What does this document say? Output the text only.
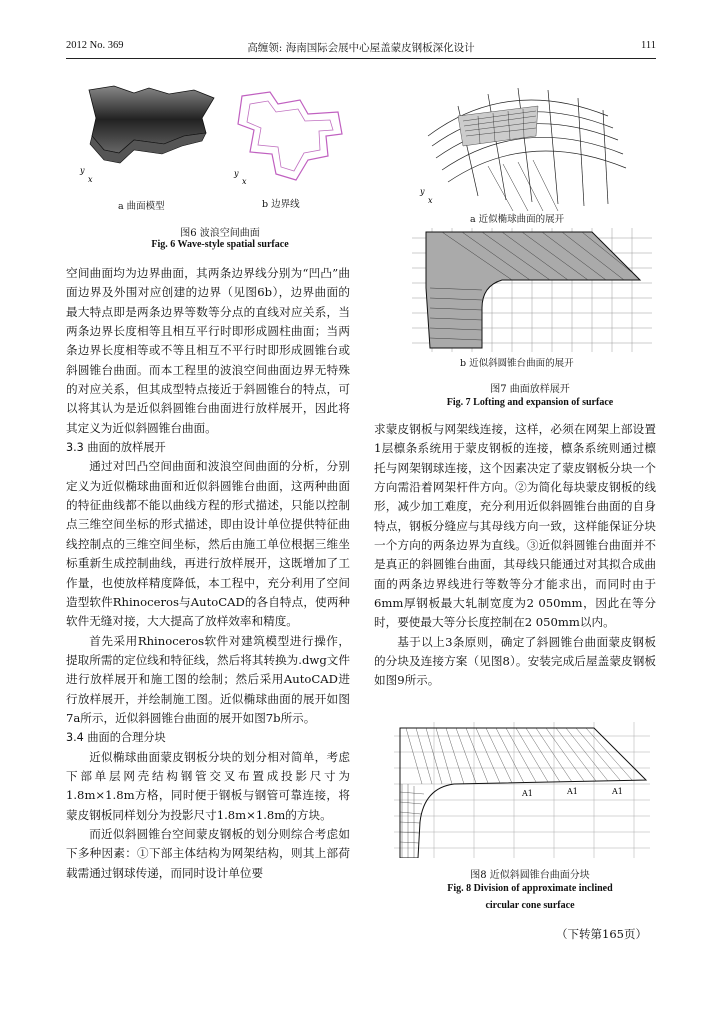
2012 No. 369	高缠领: 海南国际会展中心屋盖蒙皮钢板深化设计	111
y
x
y
x
a 曲面模型	b 边界线
图6 波浪空间曲面
Fig. 6 Wave-style spatial surface
y
x
a 近似椭球曲面的展开
b 近似斜圆锥台曲面的展开
图7 曲面放样展开
Fig. 7 Lofting and expansion of surface

空间曲面均为边界曲面，其两条边界线分别为“凹凸”曲面边界及外围对应创建的边界（见图6b），边界曲面的最大特点即是两条边界等数等分点的直线对应关系，当两条边界长度相等且相互平行时即形成圆柱曲面；当两条边界长度相等或不等且相互不平行时即形成圆锥台或斜圆锥台曲面。而本工程里的波浪空间曲面边界无特殊的对应关系，但其成型特点接近于斜圆锥台的特点，可以将其认为是近似斜圆锥台曲面进行放样展开，因此将其定义为近似斜圆锥台曲面。

3.3 曲面的放样展开

通过对凹凸空间曲面和波浪空间曲面的分析，分别定义为近似椭球曲面和近似斜圆锥台曲面，这两种曲面的特征曲线都不能以曲线方程的形式描述，只能以控制点三维空间坐标的形式描述，即由设计单位提供特征曲线控制点的三维空间坐标，然后由施工单位根据三维坐标重新生成控制曲线，再进行放样展开，这既增加了工作量，也使放样精度降低，本工程中，充分利用了空间造型软件Rhinoceros与AutoCAD的各自特点，使两种软件无缝对接，大大提高了放样效率和精度。

首先采用Rhinoceros软件对建筑模型进行操作，提取所需的定位线和特征线，然后将其转换为.dwg文件进行放样展开和施工图的绘制；然后采用AutoCAD进行放样展开，并绘制施工图。近似椭球曲面的展开如图7a所示，近似斜圆锥台曲面的展开如图7b所示。

3.4 曲面的合理分块

近似椭球曲面蒙皮钢板分块的划分相对简单，考虑下部单层网壳结构钢管交叉布置成投影尺寸为1.8m×1.8m方格，同时便于钢板与钢管可靠连接，将蒙皮钢板同样划分为投影尺寸1.8m×1.8m的方块。

而近似斜圆锥台空间蒙皮钢板的划分则综合考虑如下多种因素：①下部主体结构为网架结构，则其上部荷载需通过钢球传递，而同时设计单位要

求蒙皮钢板与网架线连接，这样，必须在网架上部设置1层檩条系统用于蒙皮钢板的连接，檩条系统则通过檩托与网架钢球连接，这个因素决定了蒙皮钢板分块一个方向需沿着网架杆件方向。②为简化每块蒙皮钢板的线形，减少加工难度，充分利用近似斜圆锥台曲面的自身特点，钢板分缝应与其母线方向一致，这样能保证分块一个方向的两条边界为直线。③近似斜圆锥台曲面并不是真正的斜圆锥台曲面，其母线只能通过对其拟合成曲面的两条边界线进行等数等分才能求出，而同时由于6mm厚钢板最大轧制宽度为2 050mm，因此在等分时，要使最大等分长度控制在2 050mm以内。

基于以上3条原则，确定了斜圆锥台曲面蒙皮钢板的分块及连接方案（见图8）。安装完成后屋盖蒙皮钢板如图9所示。

A1	A1	A1
图8 近似斜圆锥台曲面分块
Fig. 8 Division of approximate inclined
circular cone surface
（下转第165页）
